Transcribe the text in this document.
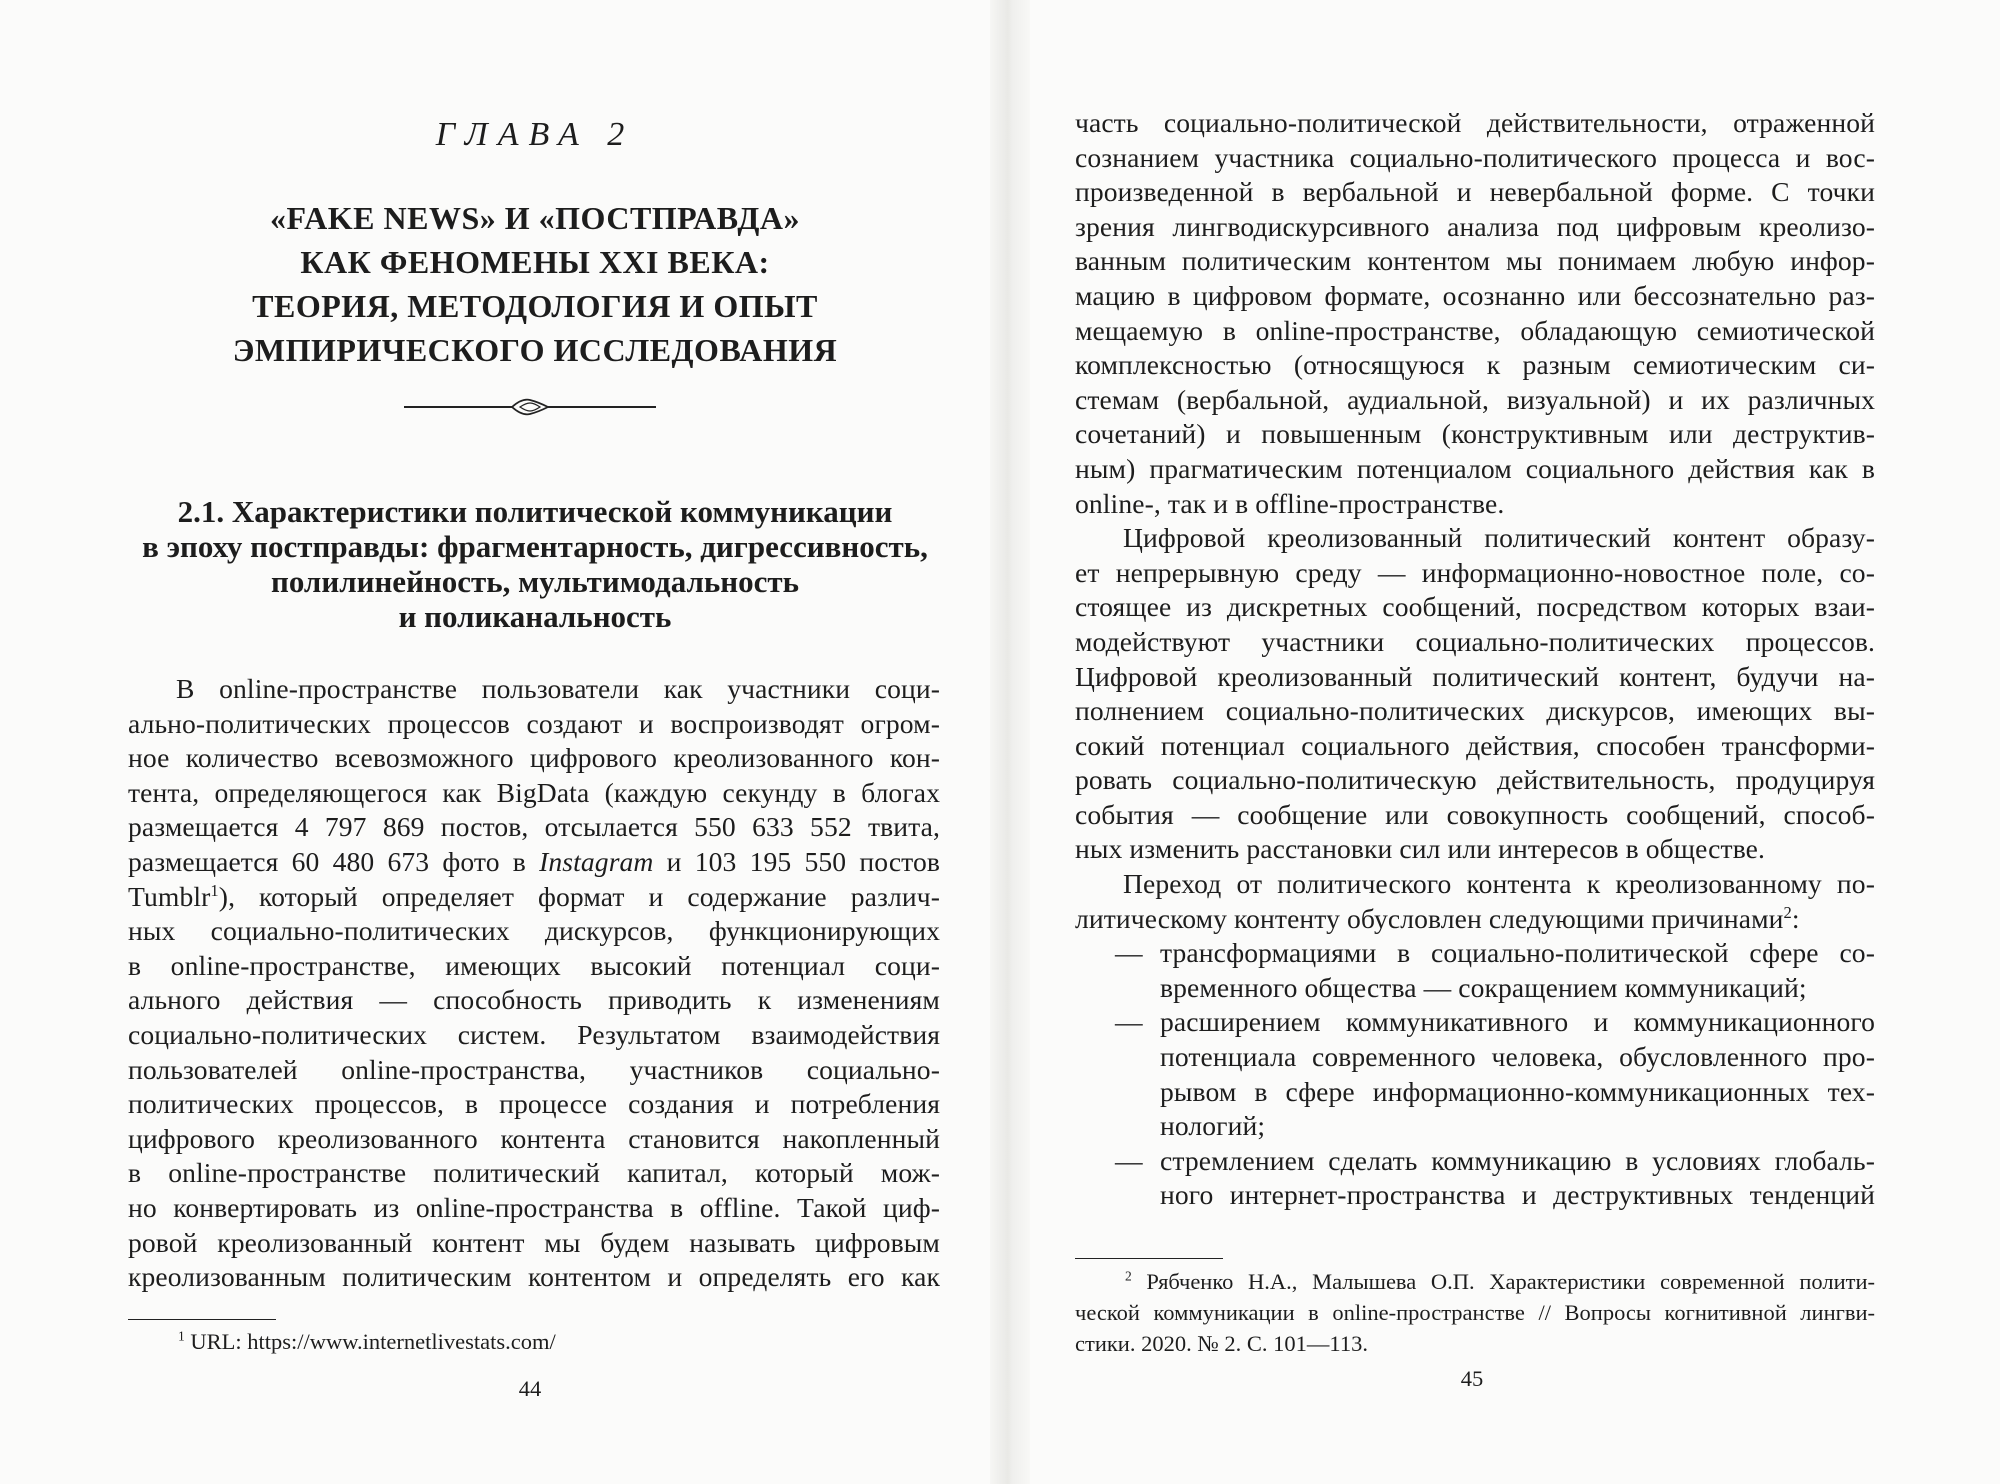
ГЛАВА 2
«FAKE NEWS» И «ПОСТПРАВДА»
КАК ФЕНОМЕНЫ XXI ВЕКА:
ТЕОРИЯ, МЕТОДОЛОГИЯ И ОПЫТ
ЭМПИРИЧЕСКОГО ИССЛЕДОВАНИЯ
2.1. Характеристики политической коммуникации
в эпоху постправды: фрагментарность, дигрессивность,
полилинейность, мультимодальность
и поликанальность
В online-пространстве пользователи как участники соци-
ально-политических процессов создают и воспроизводят огром-
ное количество всевозможного цифрового креолизованного кон-
тента, определяющегося как BigData (каждую секунду в блогах
размещается 4 797 869 постов, отсылается 550 633 552 твита,
размещается 60 480 673 фото в Instagram и 103 195 550 постов
Tumblr$^1$), который определяет формат и содержание различ-
ных социально-политических дискурсов, функционирующих
в online-пространстве, имеющих высокий потенциал соци-
ального действия — способность приводить к изменениям
социально-политических систем. Результатом взаимодействия
пользователей online-пространства, участников социально-
политических процессов, в процессе создания и потребления
цифрового креолизованного контента становится накопленный
в online-пространстве политический капитал, который мож-
но конвертировать из online-пространства в offline. Такой циф-
ровой креолизованный контент мы будем называть цифровым
креолизованным политическим контентом и определять его как
$^1$ URL: https://www.internetlivestats.com/
44
часть социально-политической действительности, отраженной
сознанием участника социально-политического процесса и вос-
произведенной в вербальной и невербальной форме. С точки
зрения лингводискурсивного анализа под цифровым креолизо-
ванным политическим контентом мы понимаем любую инфор-
мацию в цифровом формате, осознанно или бессознательно раз-
мещаемую в online-пространстве, обладающую семиотической
комплексностью (относящуюся к разным семиотическим си-
стемам (вербальной, аудиальной, визуальной) и их различных
сочетаний) и повышенным (конструктивным или деструктив-
ным) прагматическим потенциалом социального действия как в
online-, так и в offline-пространстве.
Цифровой креолизованный политический контент образу-
ет непрерывную среду — информационно-новостное поле, со-
стоящее из дискретных сообщений, посредством которых взаи-
модействуют участники социально-политических процессов.
Цифровой креолизованный политический контент, будучи на-
полнением социально-политических дискурсов, имеющих вы-
сокий потенциал социального действия, способен трансформи-
ровать социально-политическую действительность, продуцируя
события — сообщение или совокупность сообщений, способ-
ных изменить расстановки сил или интересов в обществе.
Переход от политического контента к креолизованному по-
литическому контенту обусловлен следующими причинами$^2$:
— трансформациями в социально-политической сфере со-
временного общества — сокращением коммуникаций;
— расширением коммуникативного и коммуникационного
потенциала современного человека, обусловленного про-
рывом в сфере информационно-коммуникационных тех-
нологий;
— стремлением сделать коммуникацию в условиях глобаль-
ного интернет-пространства и деструктивных тенденций
$^2$ Рябченко Н.А., Малышева О.П. Характеристики современной полити-
ческой коммуникации в online-пространстве // Вопросы когнитивной лингви-
стики. 2020. № 2. С. 101—113.
45
